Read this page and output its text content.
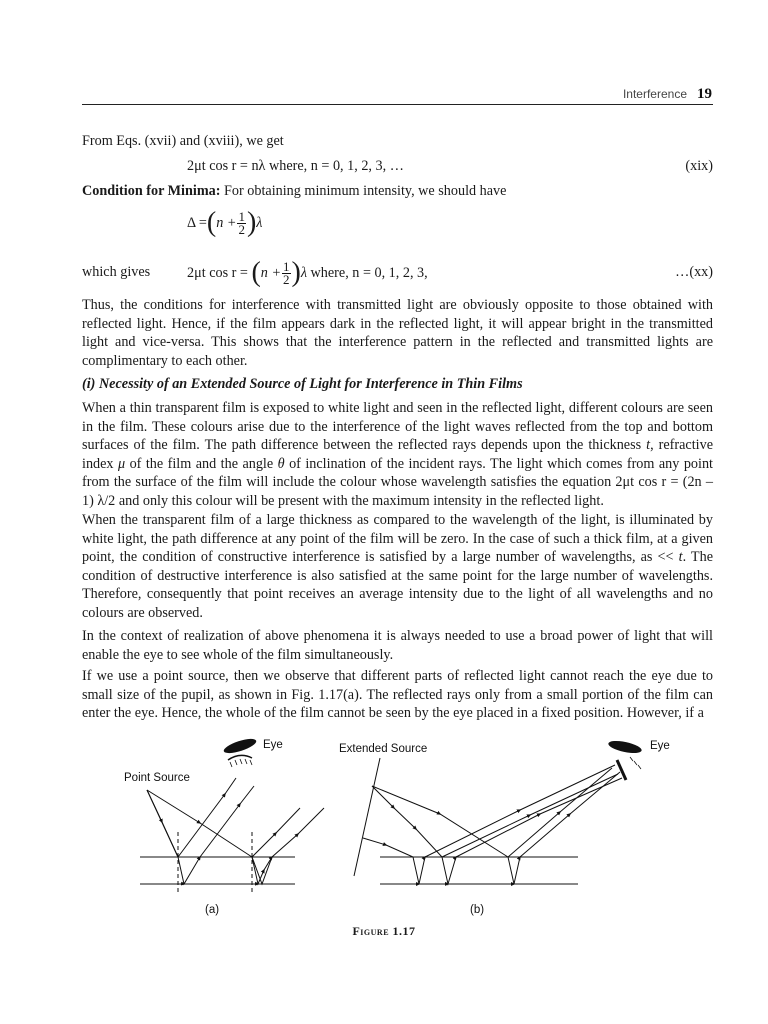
Interference 19
From Eqs. (xvii) and (xviii), we get
2μt cos r = nλ where, n = 0, 1, 2, 3, …	(xix)
Condition for Minima: For obtaining minimum intensity, we should have
Δ = ( $n + \frac{1}{2}$ ) λ
which gives	2μt cos r =
( $n + \frac{1}{2}$ ) λ
where, n = 0, 1, 2, 3,	…(xx)
Thus, the conditions for interference with transmitted light are obviously opposite to those obtained with reflected light. Hence, if the film appears dark in the reflected light, it will appear bright in the transmitted light and vice-versa. This shows that the interference pattern in the reflected and transmitted lights are complimentary to each other.
(i) Necessity of an Extended Source of Light for Interference in Thin Films
When a thin transparent film is exposed to white light and seen in the reflected light, different colours are seen in the film. These colours arise due to the interference of the light waves reflected from the top and bottom surfaces of the film. The path difference between the reflected rays depends upon the thickness t, refractive index μ of the film and the angle θ of inclination of the incident rays. The light which comes from any point from the surface of the film will include the colour whose wavelength satisfies the equation 2μt cos r = (2n – 1) λ/2 and only this colour will be present with the maximum intensity in the reflected light.
When the transparent film of a large thickness as compared to the wavelength of the light, is illuminated by white light, the path difference at any point of the film will be zero. In the case of such a thick film, at a given point, the condition of constructive interference is satisfied by a large number of wavelengths, as << t. The condition of destructive interference is also satisfied at the same point for the large number of wavelengths. Therefore, consequently that point receives an average intensity due to the light of all wavelengths and no colours are observed.
In the context of realization of above phenomena it is always needed to use a broad power of light that will enable the eye to see whole of the film simultaneously.
If we use a point source, then we observe that different parts of reflected light cannot reach the eye due to small size of the pupil, as shown in Fig. 1.17(a). The reflected rays only from a small portion of the film can enter the eye. Hence, the whole of the film cannot be seen by the eye placed in a fixed position. However, if a
Eye
Point Source
(a)
Extended Source	Eye
(b)
Figure 1.17
